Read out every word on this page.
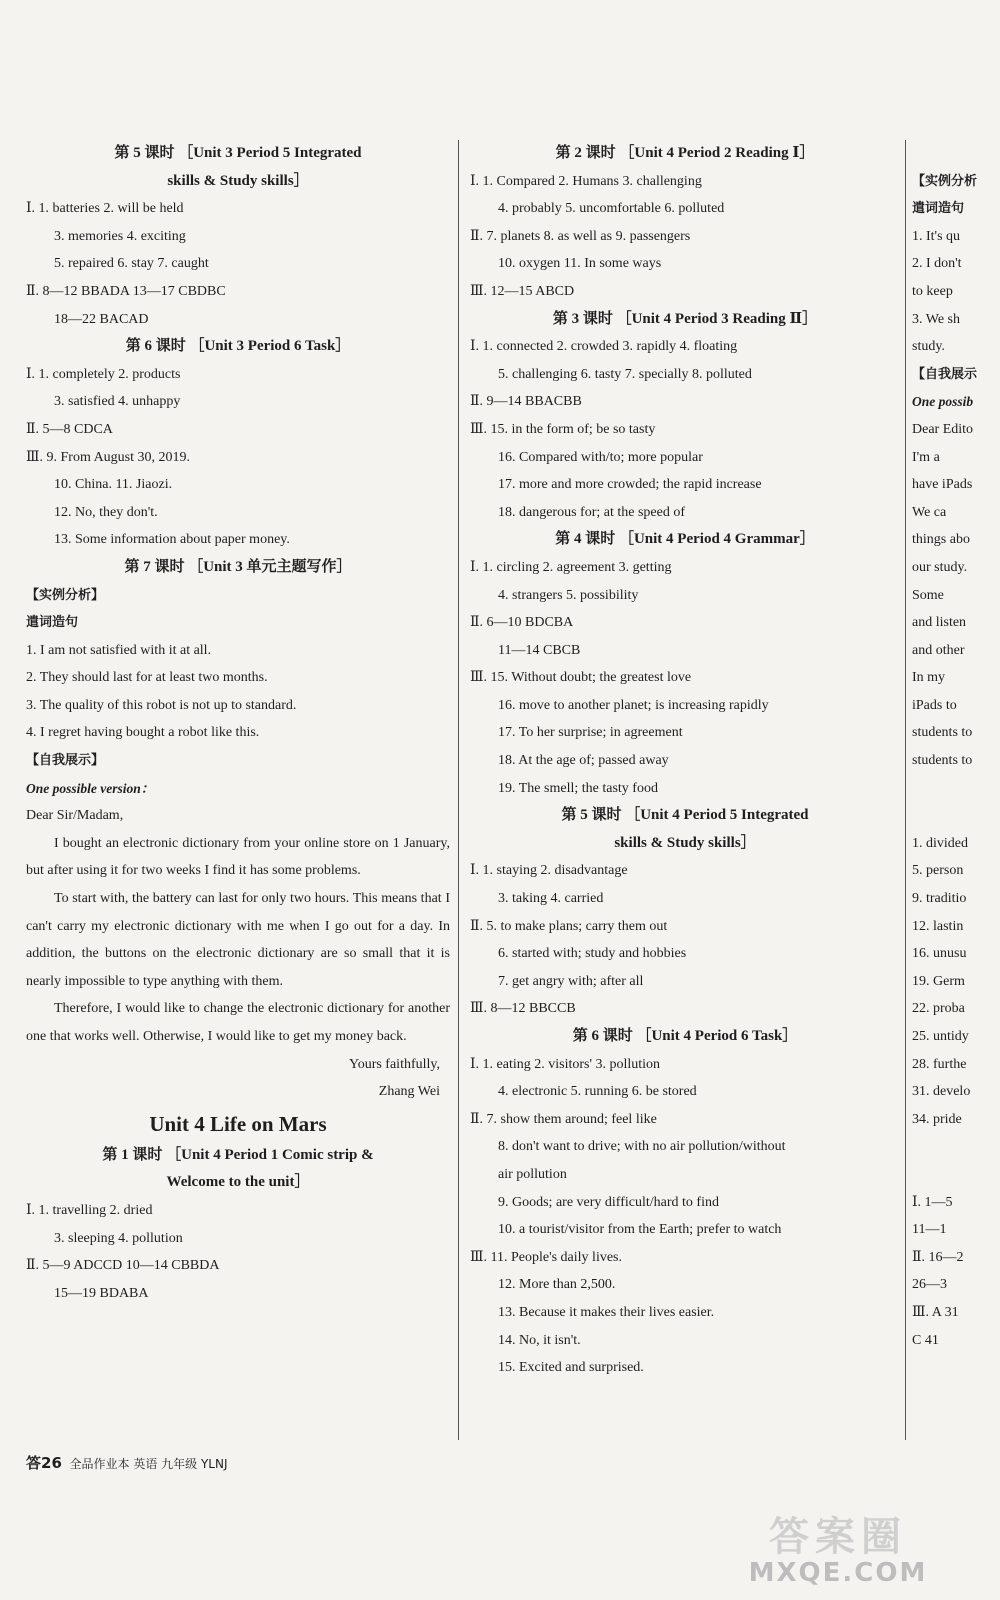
第 5 课时 ［Unit 3 Period 5 Integrated
skills & Study skills］
Ⅰ. 1. batteries 2. will be held
3. memories 4. exciting
5. repaired 6. stay 7. caught
Ⅱ. 8—12 BBADA 13—17 CBDBC
18—22 BACAD
第 6 课时 ［Unit 3 Period 6 Task］
Ⅰ. 1. completely 2. products
3. satisfied 4. unhappy
Ⅱ. 5—8 CDCA
Ⅲ. 9. From August 30, 2019.
10. China. 11. Jiaozi.
12. No, they don't.
13. Some information about paper money.
第 7 课时 ［Unit 3 单元主题写作］
【实例分析】
遣词造句
1. I am not satisfied with it at all.
2. They should last for at least two months.
3. The quality of this robot is not up to standard.
4. I regret having bought a robot like this.
【自我展示】
One possible version：
Dear Sir/Madam,
I bought an electronic dictionary from your online store on 1 January, but after using it for two weeks I find it has some problems.
To start with, the battery can last for only two hours. This means that I can't carry my electronic dictionary with me when I go out for a day. In addition, the buttons on the electronic dictionary are so small that it is nearly impossible to type anything with them.
Therefore, I would like to change the electronic dictionary for another one that works well. Otherwise, I would like to get my money back.
Yours faithfully,
Zhang Wei
Unit 4 Life on Mars
第 1 课时 ［Unit 4 Period 1 Comic strip &
Welcome to the unit］
Ⅰ. 1. travelling 2. dried
3. sleeping 4. pollution
Ⅱ. 5—9 ADCCD 10—14 CBBDA
15—19 BDABA
第 2 课时 ［Unit 4 Period 2 Reading Ⅰ］
Ⅰ. 1. Compared 2. Humans 3. challenging
4. probably 5. uncomfortable 6. polluted
Ⅱ. 7. planets 8. as well as 9. passengers
10. oxygen 11. In some ways
Ⅲ. 12—15 ABCD
第 3 课时 ［Unit 4 Period 3 Reading Ⅱ］
Ⅰ. 1. connected 2. crowded 3. rapidly 4. floating
5. challenging 6. tasty 7. specially 8. polluted
Ⅱ. 9—14 BBACBB
Ⅲ. 15. in the form of; be so tasty
16. Compared with/to; more popular
17. more and more crowded; the rapid increase
18. dangerous for; at the speed of
第 4 课时 ［Unit 4 Period 4 Grammar］
Ⅰ. 1. circling 2. agreement 3. getting
4. strangers 5. possibility
Ⅱ. 6—10 BDCBA
11—14 CBCB
Ⅲ. 15. Without doubt; the greatest love
16. move to another planet; is increasing rapidly
17. To her surprise; in agreement
18. At the age of; passed away
19. The smell; the tasty food
第 5 课时 ［Unit 4 Period 5 Integrated
skills & Study skills］
Ⅰ. 1. staying 2. disadvantage
3. taking 4. carried
Ⅱ. 5. to make plans; carry them out
6. started with; study and hobbies
7. get angry with; after all
Ⅲ. 8—12 BBCCB
第 6 课时 ［Unit 4 Period 6 Task］
Ⅰ. 1. eating 2. visitors' 3. pollution
4. electronic 5. running 6. be stored
Ⅱ. 7. show them around; feel like
8. don't want to drive; with no air pollution/without
air pollution
9. Goods; are very difficult/hard to find
10. a tourist/visitor from the Earth; prefer to watch
Ⅲ. 11. People's daily lives.
12. More than 2,500.
13. Because it makes their lives easier.
14. No, it isn't.
15. Excited and surprised.
【实例分析
遣词造句
1. It's qu
2. I don't
to keep
3. We sh
study.
【自我展示
One possib
Dear Edito
I'm a
have iPads
We ca
things abo
our study.
Some
and listen
and other
In my
iPads to
students to
students to
1. divided
5. person
9. traditio
12. lastin
16. unusu
19. Germ
22. proba
25. untidy
28. furthe
31. develo
34. pride
Ⅰ. 1—5
11—1
Ⅱ. 16—2
26—3
Ⅲ. A 31
C 41
答26 全品作业本 英语 九年级 YLNJ
答案圈
MXQE.COM
